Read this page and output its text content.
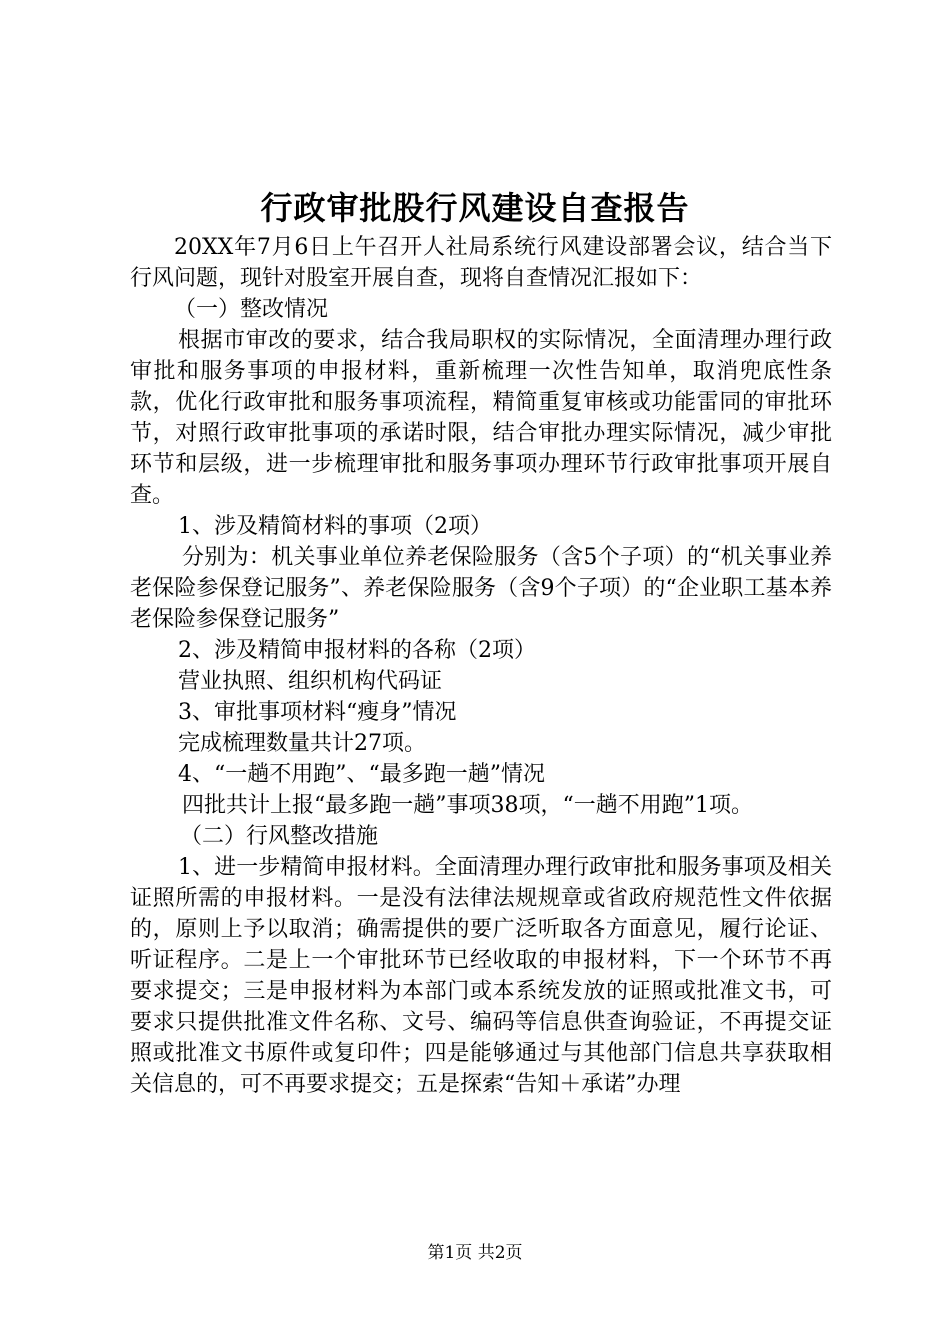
行政审批股行风建设自查报告

20XX年7月6日上午召开人社局系统行风建设部署会议，结合当下行风问题，现针对股室开展自查，现将自查情况汇报如下：

（一）整改情况

根据市审改的要求，结合我局职权的实际情况，全面清理办理行政审批和服务事项的申报材料，重新梳理一次性告知单，取消兜底性条款，优化行政审批和服务事项流程，精简重复审核或功能雷同的审批环节，对照行政审批事项的承诺时限，结合审批办理实际情况，减少审批环节和层级，进一步梳理审批和服务事项办理环节行政审批事项开展自查。

1、涉及精简材料的事项（2项）

分别为：机关事业单位养老保险服务（含5个子项）的“机关事业养老保险参保登记服务”、养老保险服务（含9个子项）的“企业职工基本养老保险参保登记服务”

2、涉及精简申报材料的各称（2项）

营业执照、组织机构代码证

3、审批事项材料“瘦身”情况

完成梳理数量共计27项。

4、“一趟不用跑”、“最多跑一趟”情况

四批共计上报“最多跑一趟”事项38项，“一趟不用跑”1项。

（二）行风整改措施

1、进一步精简申报材料。全面清理办理行政审批和服务事项及相关证照所需的申报材料。一是没有法律法规规章或省政府规范性文件依据的，原则上予以取消；确需提供的要广泛听取各方面意见，履行论证、听证程序。二是上一个审批环节已经收取的申报材料，下一个环节不再要求提交；三是申报材料为本部门或本系统发放的证照或批准文书，可要求只提供批准文件名称、文号、编码等信息供查询验证，不再提交证照或批准文书原件或复印件；四是能够通过与其他部门信息共享获取相关信息的，可不再要求提交；五是探索“告知＋承诺”办理

第1页 共2页
